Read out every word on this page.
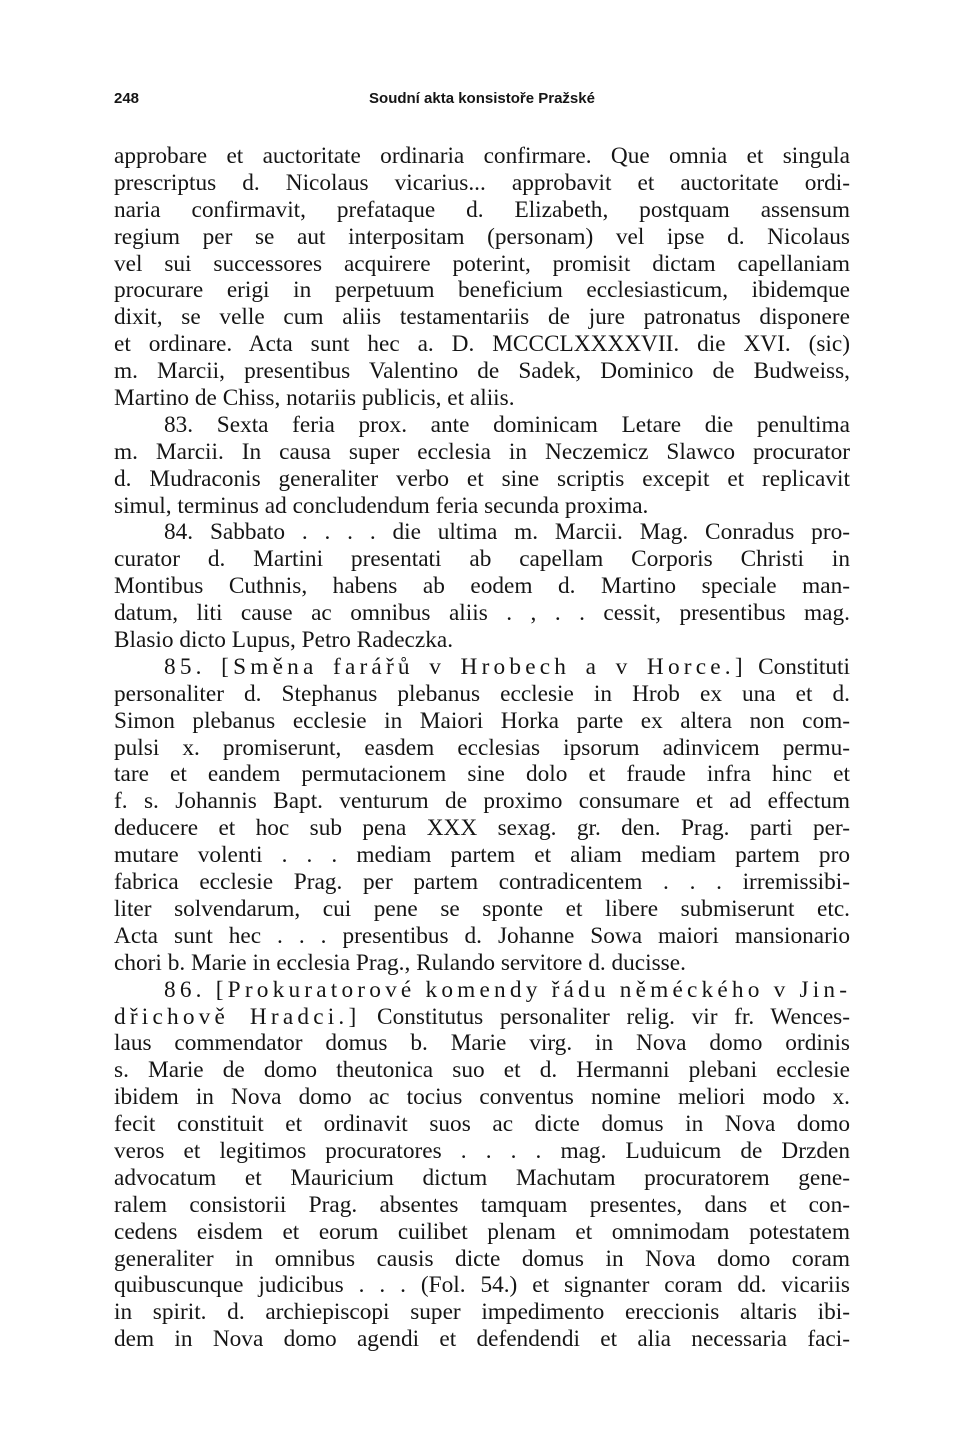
248	Soudní akta konsistoře Pražské
approbare et auctoritate ordinaria confirmare. Que omnia et singula
prescriptus d. Nicolaus vicarius... approbavit et auctoritate ordi-
naria confirmavit, prefataque d. Elizabeth, postquam assensum
regium per se aut interpositam (personam) vel ipse d. Nicolaus
vel sui successores acquirere poterint, promisit dictam capellaniam
procurare erigi in perpetuum beneficium ecclesiasticum, ibidemque
dixit, se velle cum aliis testamentariis de jure patronatus disponere
et ordinare. Acta sunt hec a. D. MCCCLXXXXVII. die XVI. (sic)
m. Marcii, presentibus Valentino de Sadek, Dominico de Budweiss,
Martino de Chiss, notariis publicis, et aliis.
83. Sexta feria prox. ante dominicam Letare die penultima
m. Marcii. In causa super ecclesia in Neczemicz Slawco procurator
d. Mudraconis generaliter verbo et sine scriptis excepit et replicavit
simul, terminus ad concludendum feria secunda proxima.
84. Sabbato . . . . die ultima m. Marcii. Mag. Conradus pro-
curator d. Martini presentati ab capellam Corporis Christi in
Montibus Cuthnis, habens ab eodem d. Martino speciale man-
datum, liti cause ac omnibus aliis . , . . cessit, presentibus mag.
Blasio dicto Lupus, Petro Radeczka.
85. [Směna farářů v Hrobech a v Horce.] Constituti
personaliter d. Stephanus plebanus ecclesie in Hrob ex una et d.
Simon plebanus ecclesie in Maiori Horka parte ex altera non com-
pulsi x. promiserunt, easdem ecclesias ipsorum adinvicem permu-
tare et eandem permutacionem sine dolo et fraude infra hinc et
f. s. Johannis Bapt. venturum de proximo consumare et ad effectum
deducere et hoc sub pena XXX sexag. gr. den. Prag. parti per-
mutare volenti . . . mediam partem et aliam mediam partem pro
fabrica ecclesie Prag. per partem contradicentem . . . irremissibi-
liter solvendarum, cui pene se sponte et libere submiserunt etc.
Acta sunt hec . . . presentibus d. Johanne Sowa maiori mansionario
chori b. Marie in ecclesia Prag., Rulando servitore d. ducisse.
86. [Prokuratorové komendy řádu něméckého v Jin-
dřichově Hradci.] Constitutus personaliter relig. vir fr. Wences-
laus commendator domus b. Marie virg. in Nova domo ordinis
s. Marie de domo theutonica suo et d. Hermanni plebani ecclesie
ibidem in Nova domo ac tocius conventus nomine meliori modo x.
fecit constituit et ordinavit suos ac dicte domus in Nova domo
veros et legitimos procuratores . . . . mag. Luduicum de Drzden
advocatum et Mauricium dictum Machutam procuratorem gene-
ralem consistorii Prag. absentes tamquam presentes, dans et con-
cedens eisdem et eorum cuilibet plenam et omnimodam potestatem
generaliter in omnibus causis dicte domus in Nova domo coram
quibuscunque judicibus . . . (Fol. 54.) et signanter coram dd. vicariis
in spirit. d. archiepiscopi super impedimento ereccionis altaris ibi-
dem in Nova domo agendi et defendendi et alia necessaria faci-
